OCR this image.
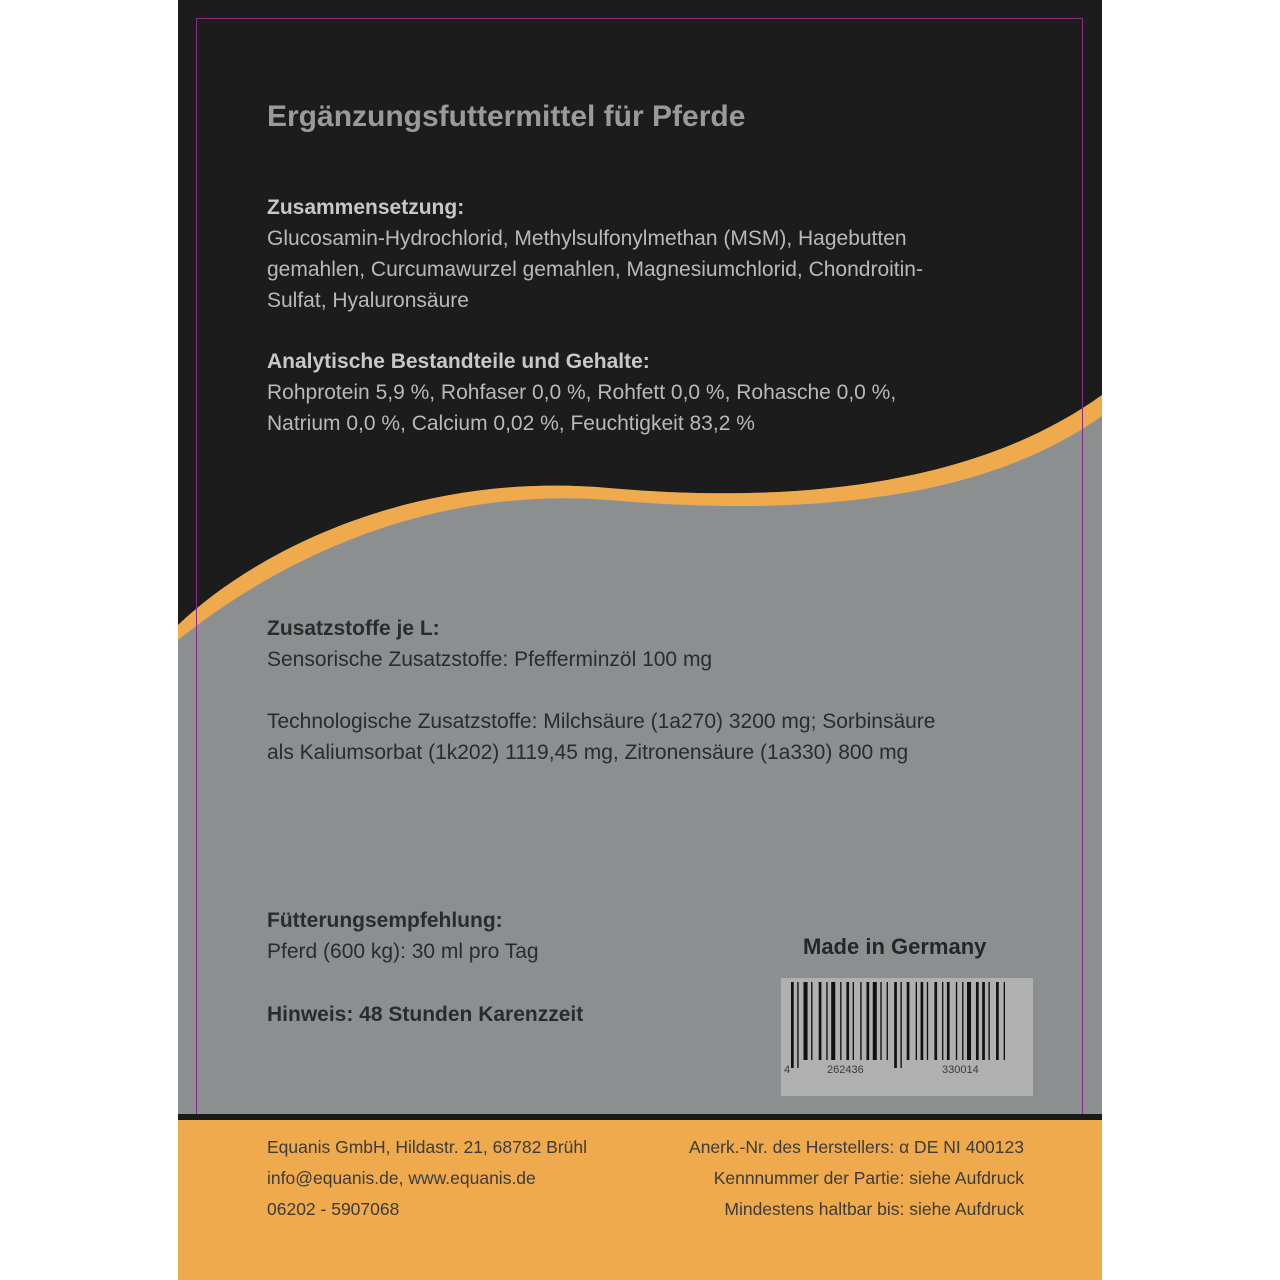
Ergänzungsfuttermittel für Pferde
Zusammensetzung:
Glucosamin-Hydrochlorid, Methylsulfonylmethan (MSM), Hagebutten
gemahlen, Curcumawurzel gemahlen, Magnesiumchlorid, Chondroitin-
Sulfat, Hyaluronsäure
Analytische Bestandteile und Gehalte:
Rohprotein 5,9 %, Rohfaser 0,0 %, Rohfett 0,0 %, Rohasche 0,0 %,
Natrium 0,0 %, Calcium 0,02 %, Feuchtigkeit 83,2 %
Zusatzstoffe je L:
Sensorische Zusatzstoffe: Pfefferminzöl 100 mg
Technologische Zusatzstoffe: Milchsäure (1a270) 3200 mg; Sorbinsäure
als Kaliumsorbat (1k202) 1119,45 mg, Zitronensäure (1a330) 800 mg
Fütterungsempfehlung:
Pferd (600 kg): 30 ml pro Tag
Hinweis: 48 Stunden Karenzzeit
Made in Germany
4	262436	330014
Equanis GmbH, Hildastr. 21, 68782 Brühl
info@equanis.de, www.equanis.de
06202 - 5907068
Anerk.-Nr. des Herstellers: α DE NI 400123
Kennnummer der Partie: siehe Aufdruck
Mindestens haltbar bis: siehe Aufdruck
